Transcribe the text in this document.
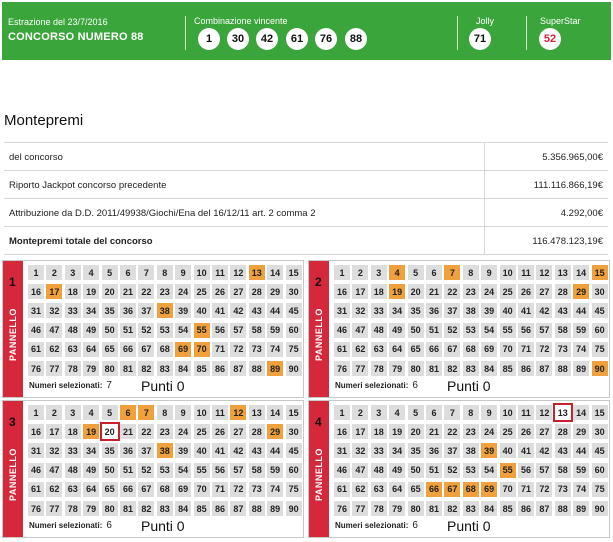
Estrazione del 23/7/2016
CONCORSO NUMERO 88
Combinazione vincente
1	30	42	61	76	88
Jolly
71
SuperStar
52
Montepremi
del concorso	5.356.965,00€
Riporto Jackpot concorso precedente	111.116.866,19€
Attribuzione da D.D. 2011/49938/Giochi/Ena del 16/12/11 art. 2 comma 2	4.292,00€
Montepremi totale del concorso	116.478.123,19€
1
PANNELLO
1	2	3	4	5	6	7	8	9	10 11 12 13 14 15
16 17 18 19 20 21 22 23 24 25 26 27 28 29 30
31 32 33 34 35 36 37 38 39 40 41 42 43 44 45
46 47 48 49 50 51 52 53 54 55 56 57 58 59 60
61 62 63 64 65 66 67 68 69 70 71 72 73 74 75
76 77 78 79 80 81 82 83 84 85 86 87 88 89 90
Numeri selezionati: 7 Punti 0
2
PANNELLO
1	2	3	4	5	6	7	8	9	10 11 12 13 14 15
16 17 18 19 20 21 22 23 24 25 26 27 28 29 30
31 32 33 34 35 36 37 38 39 40 41 42 43 44 45
46 47 48 49 50 51 52 53 54 55 56 57 58 59 60
61 62 63 64 65 66 67 68 69 70 71 72 73 74 75
76 77 78 79 80 81 82 83 84 85 86 87 88 89 90
Numeri selezionati: 6 Punti 0
3
PANNELLO
1	2	3	4	5	6	7	8	9	10 11 12 13 14 15
16 17 18 19 20 21 22 23 24 25 26 27 28 29 30
31 32 33 34 35 36 37 38 39 40 41 42 43 44 45
46 47 48 49 50 51 52 53 54 55 56 57 58 59 60
61 62 63 64 65 66 67 68 69 70 71 72 73 74 75
76 77 78 79 80 81 82 83 84 85 86 87 88 89 90
Numeri selezionati: 6 Punti 0
4
PANNELLO
1	2	3	4	5	6	7	8	9	10 11 12 13 14 15
16 17 18 19 20 21 22 23 24 25 26 27 28 29 30
31 32 33 34 35 36 37 38 39 40 41 42 43 44 45
46 47 48 49 50 51 52 53 54 55 56 57 58 59 60
61 62 63 64 65 66 67 68 69 70 71 72 73 74 75
76 77 78 79 80 81 82 83 84 85 86 87 88 89 90
Numeri selezionati: 6 Punti 0
